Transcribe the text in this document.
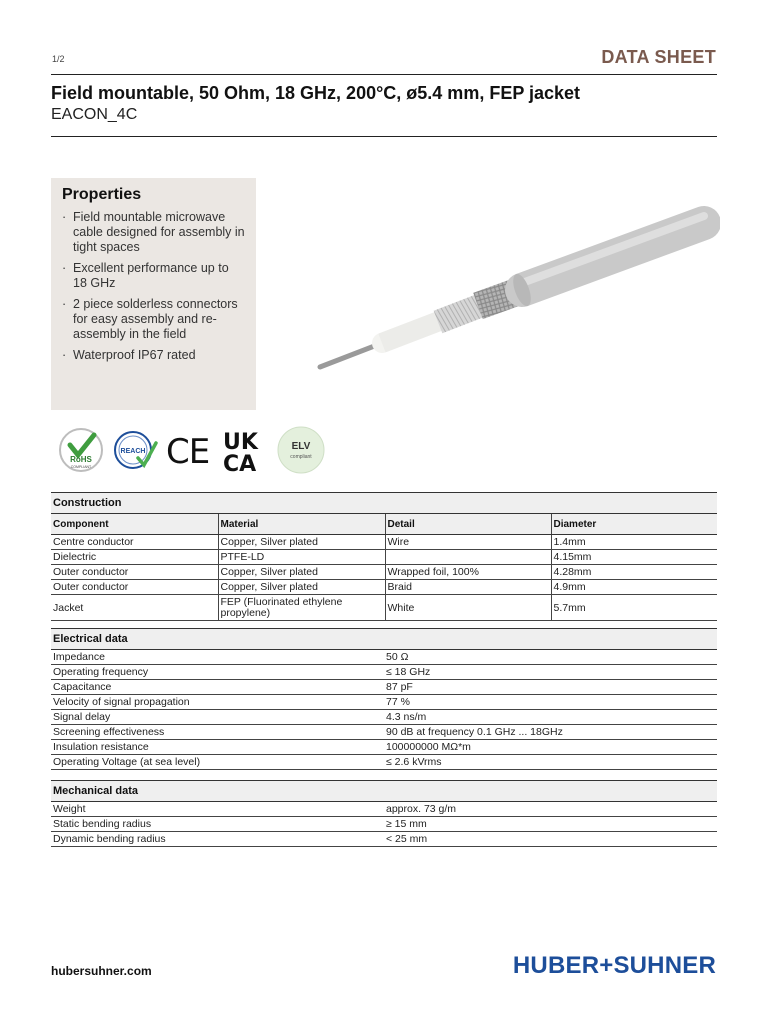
1/2	DATA SHEET
Field mountable, 50 Ohm, 18 GHz, 200°C, ø5.4 mm, FEP jacket
EACON_4C
Properties
· Field mountable microwave cable designed for assembly in tight spaces
· Excellent performance up to 18 GHz
· 2 piece solderless connectors for easy assembly and re-assembly in the field
· Waterproof IP67 rated
RoHS
COMPLIANT
REACH CE UK
CA
ELV
compliant
Construction			
Component	Material	Detail	Diameter
Centre conductor	Copper, Silver plated	Wire	1.4mm
Dielectric	PTFE-LD		4.15mm
Outer conductor	Copper, Silver plated	Wrapped foil, 100%	4.28mm
Outer conductor	Copper, Silver plated	Braid	4.9mm
Jacket	FEP (Fluorinated ethylene propylene)	White	5.7mm
Electrical data	
Impedance	50 Ω
Operating frequency	≤ 18 GHz
Capacitance	87 pF
Velocity of signal propagation	77 %
Signal delay	4.3 ns/m
Screening effectiveness	90 dB at frequency 0.1 GHz ... 18GHz
Insulation resistance	100000000 MΩ*m
Operating Voltage (at sea level)	≤ 2.6 kVrms
Mechanical data	
Weight	approx. 73 g/m
Static bending radius	≥ 15 mm
Dynamic bending radius	< 25 mm
hubersuhner.com	HUBER+SUHNER
